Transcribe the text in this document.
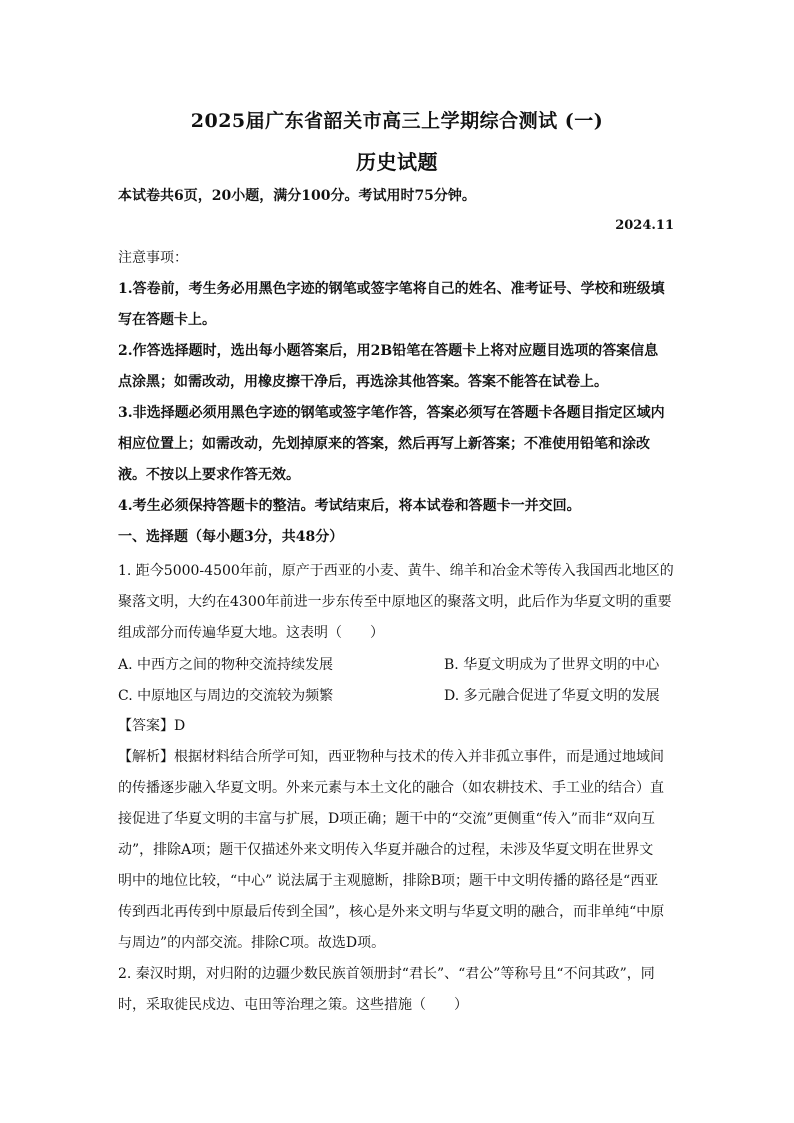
2025届广东省韶关市高三上学期综合测试 (一)
历史试题
本试卷共6页，20小题，满分100分。考试用时75分钟。
2024.11
注意事项：
1.答卷前，考生务必用黑色字迹的钢笔或签字笔将自己的姓名、准考证号、学校和班级填
写在答题卡上。
2.作答选择题时，选出每小题答案后，用2B铅笔在答题卡上将对应题目选项的答案信息
点涂黑；如需改动，用橡皮擦干净后，再选涂其他答案。答案不能答在试卷上。
3.非选择题必须用黑色字迹的钢笔或签字笔作答，答案必须写在答题卡各题目指定区域内
相应位置上；如需改动，先划掉原来的答案，然后再写上新答案；不准使用铅笔和涂改
液。不按以上要求作答无效。
4.考生必须保持答题卡的整洁。考试结束后，将本试卷和答题卡一并交回。
一、选择题（每小题3分，共48分）
1. 距今5000-4500年前，原产于西亚的小麦、黄牛、绵羊和冶金术等传入我国西北地区的
聚落文明，大约在4300年前进一步东传至中原地区的聚落文明，此后作为华夏文明的重要
组成部分而传遍华夏大地。这表明（　　）
A. 中西方之间的物种交流持续发展	B. 华夏文明成为了世界文明的中心
C. 中原地区与周边的交流较为频繁	D. 多元融合促进了华夏文明的发展
【答案】D
【解析】根据材料结合所学可知，西亚物种与技术的传入并非孤立事件，而是通过地域间
的传播逐步融入华夏文明。外来元素与本土文化的融合（如农耕技术、手工业的结合）直
接促进了华夏文明的丰富与扩展，D项正确；题干中的“交流”更侧重“传入”而非“双向互
动”，排除A项；题干仅描述外来文明传入华夏并融合的过程，未涉及华夏文明在世界文
明中的地位比较，“中心” 说法属于主观臆断，排除B项；题干中文明传播的路径是“西亚
传到西北再传到中原最后传到全国”，核心是外来文明与华夏文明的融合，而非单纯“中原
与周边”的内部交流。排除C项。故选D项。
2. 秦汉时期，对归附的边疆少数民族首领册封“君长”、“君公”等称号且“不问其政”，同
时，采取徙民戍边、屯田等治理之策。这些措施（　　）
